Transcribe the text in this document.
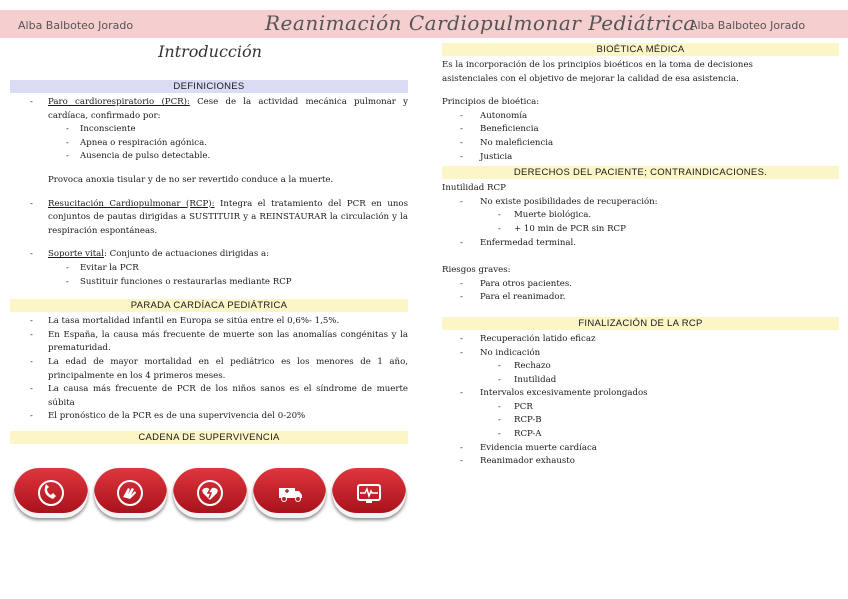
Alba Balboteo Jorado	Reanimación Cardiopulmonar Pediátrica
Alba Balboteo Jorado
Introducción
DEFINICIONES
- Paro cardiorespiratorio (PCR): Cese de la actividad mecánica pulmonar y cardíaca, confirmado por:
- Inconsciente
- Apnea o respiración agónica.
- Ausencia de pulso detectable.
Provoca anoxia tisular y de no ser revertido conduce a la muerte.
- Resucitación Cardiopulmonar (RCP): Integra el tratamiento del PCR en unos conjuntos de pautas dirigidas a SUSTITUIR y a REINSTAURAR la circulación y la respiración espontáneas.
- Soporte vital: Conjunto de actuaciones dirigidas a:
- Evitar la PCR
- Sustituir funciones o restaurarlas mediante RCP
PARADA CARDÍACA PEDIÁTRICA
- La tasa mortalidad infantil en Europa se sitúa entre el 0,6%- 1,5%.
- En España, la causa más frecuente de muerte son las anomalías congénitas y la prematuridad.
- La edad de mayor mortalidad en el pediátrico es los menores de 1 año, principalmente en los 4 primeros meses.
- La causa más frecuente de PCR de los niños sanos es el síndrome de muerte súbita
- El pronóstico de la PCR es de una supervivencia del 0-20%
CADENA DE SUPERVIVENCIA
BIOÉTICA MÉDICA
Es la incorporación de los principios bioéticos en la toma de decisiones asistenciales con el objetivo de mejorar la calidad de esa asistencia.
Principios de bioética:
- Autonomía
- Beneficiencia
- No maleficiencia
- Justicia
DERECHOS DEL PACIENTE; CONTRAINDICACIONES.
Inutilidad RCP
- No existe posibilidades de recuperación:
- Muerte biológica.
- + 10 min de PCR sin RCP
- Enfermedad terminal.
Riesgos graves:
- Para otros pacientes.
- Para el reanimador.
FINALIZACIÓN DE LA RCP
- Recuperación latido eficaz
- No indicación
- Rechazo
- Inutilidad
- Intervalos excesivamente prolongados
- PCR
- RCP-B
- RCP-A
- Evidencia muerte cardíaca
- Reanimador exhausto
